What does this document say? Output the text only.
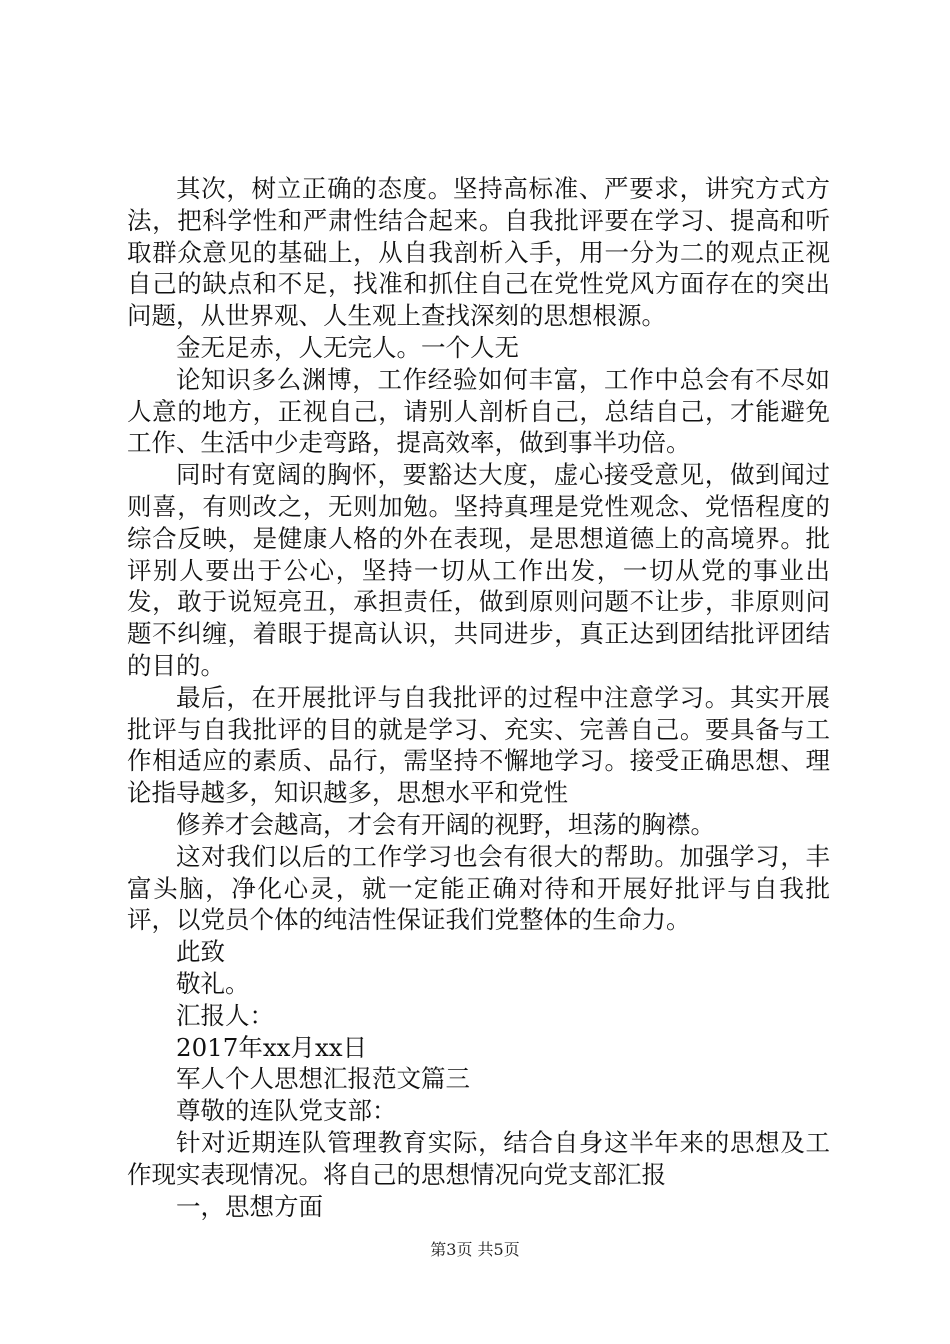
其次，树立正确的态度。坚持高标准、严要求，讲究方式方法，把科学性和严肃性结合起来。自我批评要在学习、提高和听取群众意见的基础上，从自我剖析入手，用一分为二的观点正视自己的缺点和不足，找准和抓住自己在党性党风方面存在的突出问题，从世界观、人生观上查找深刻的思想根源。

金无足赤，人无完人。一个人无

论知识多么渊博，工作经验如何丰富，工作中总会有不尽如人意的地方，正视自己，请别人剖析自己，总结自己，才能避免工作、生活中少走弯路，提高效率，做到事半功倍。

同时有宽阔的胸怀，要豁达大度，虚心接受意见，做到闻过则喜，有则改之，无则加勉。坚持真理是党性观念、党悟程度的综合反映，是健康人格的外在表现，是思想道德上的高境界。批评别人要出于公心，坚持一切从工作出发，一切从党的事业出发，敢于说短亮丑，承担责任，做到原则问题不让步，非原则问题不纠缠，着眼于提高认识，共同进步，真正达到团结批评团结的目的。

最后，在开展批评与自我批评的过程中注意学习。其实开展批评与自我批评的目的就是学习、充实、完善自己。要具备与工作相适应的素质、品行，需坚持不懈地学习。接受正确思想、理论指导越多，知识越多，思想水平和党性

修养才会越高，才会有开阔的视野，坦荡的胸襟。

这对我们以后的工作学习也会有很大的帮助。加强学习，丰富头脑，净化心灵，就一定能正确对待和开展好批评与自我批评，以党员个体的纯洁性保证我们党整体的生命力。

此致

敬礼。

汇报人：

2017年xx月xx日

军人个人思想汇报范文篇三

尊敬的连队党支部：

针对近期连队管理教育实际，结合自身这半年来的思想及工作现实表现情况。将自己的思想情况向党支部汇报

一，思想方面

第3页 共5页
